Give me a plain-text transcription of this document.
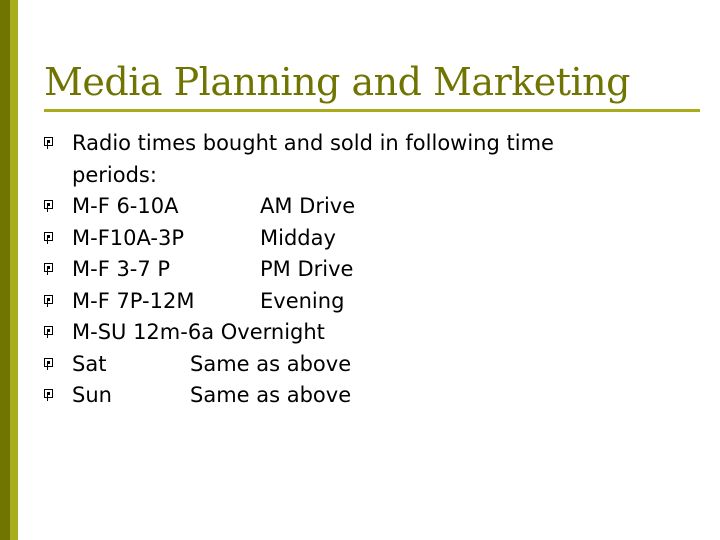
Media Planning and Marketing
Radio times bought and sold in following time
periods:
M-F 6-10A	AM Drive
M-F10A-3P	Midday
M-F 3-7 P	PM Drive
M-F 7P-12M	Evening
M-SU 12m-6a Overnight
Sat	Same as above
Sun	Same as above
